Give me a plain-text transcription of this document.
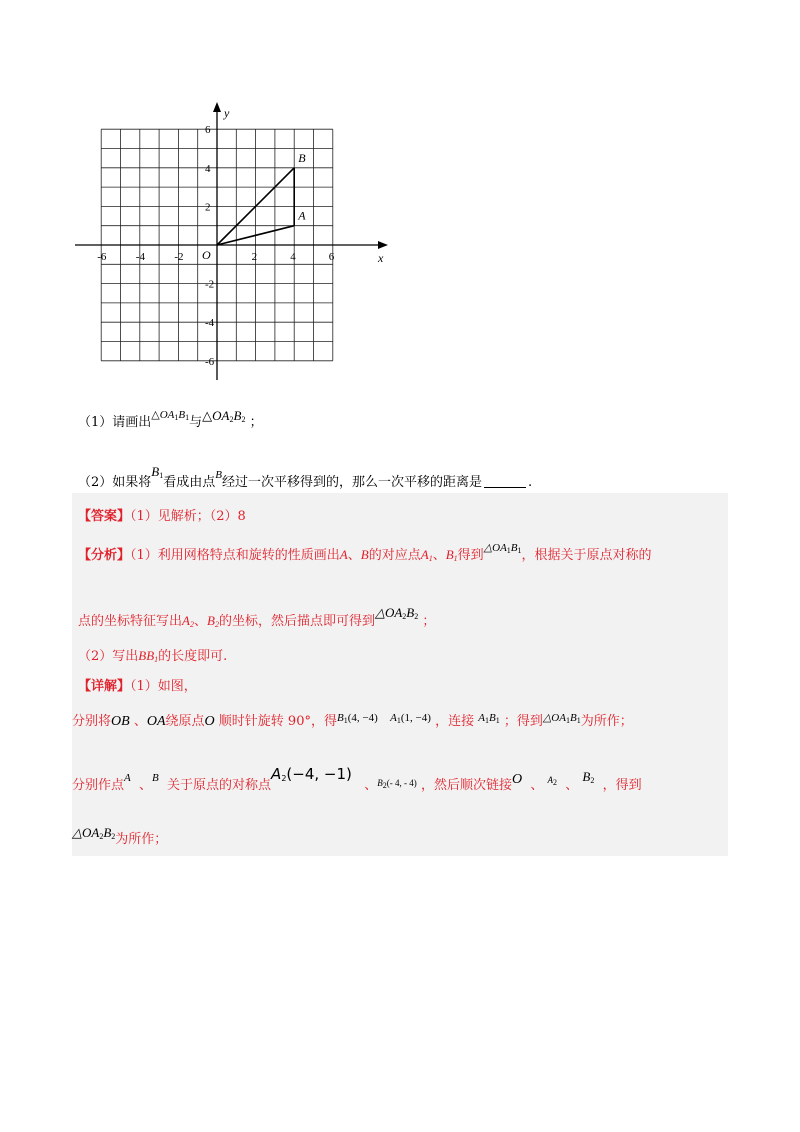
x
y
O
-6	-4	-2	2	4	6
6
4
2
-2
-4
-6
A
B
（1）请画出$^{\triangle OA_1B_1}$与$\triangle OA_2B_2$ ；
（2）如果将$B_1$看成由点$^B$经过一次平移得到的，那么一次平移的距离是	.
【答案】（1）见解析；（2）8
【分析】（1）利用网格特点和旋转的性质画出A、B的对应点$A_1$、$B_1$得到$^{\triangle OA_1B_1}$，根据关于原点对称的
点的坐标特征写出$A_2$、$B_2$的坐标，然后描点即可得到$\triangle OA_2B_2$ ；
（2）写出$BB_1$的长度即可.
【详解】（1）如图，
分别将OB 、OA绕原点O 顺时针旋转 90°，得$^{B_1(4, -4)}$ $^{A_1(1, -4)}$ ，连接 $^{A_1B_1}$ ；得到$^{\triangle OA_1B_1}$为所作；
分别作点$^A$ 、$^B$ 关于原点的对称点$A_2(-4$, −1)   、$^{B2(- 4, - 4)}$ ，然后顺次链接O 、 $^{A2}$ 、 $B_2$ ，得到
$\triangle OA_2B_2$为所作；
